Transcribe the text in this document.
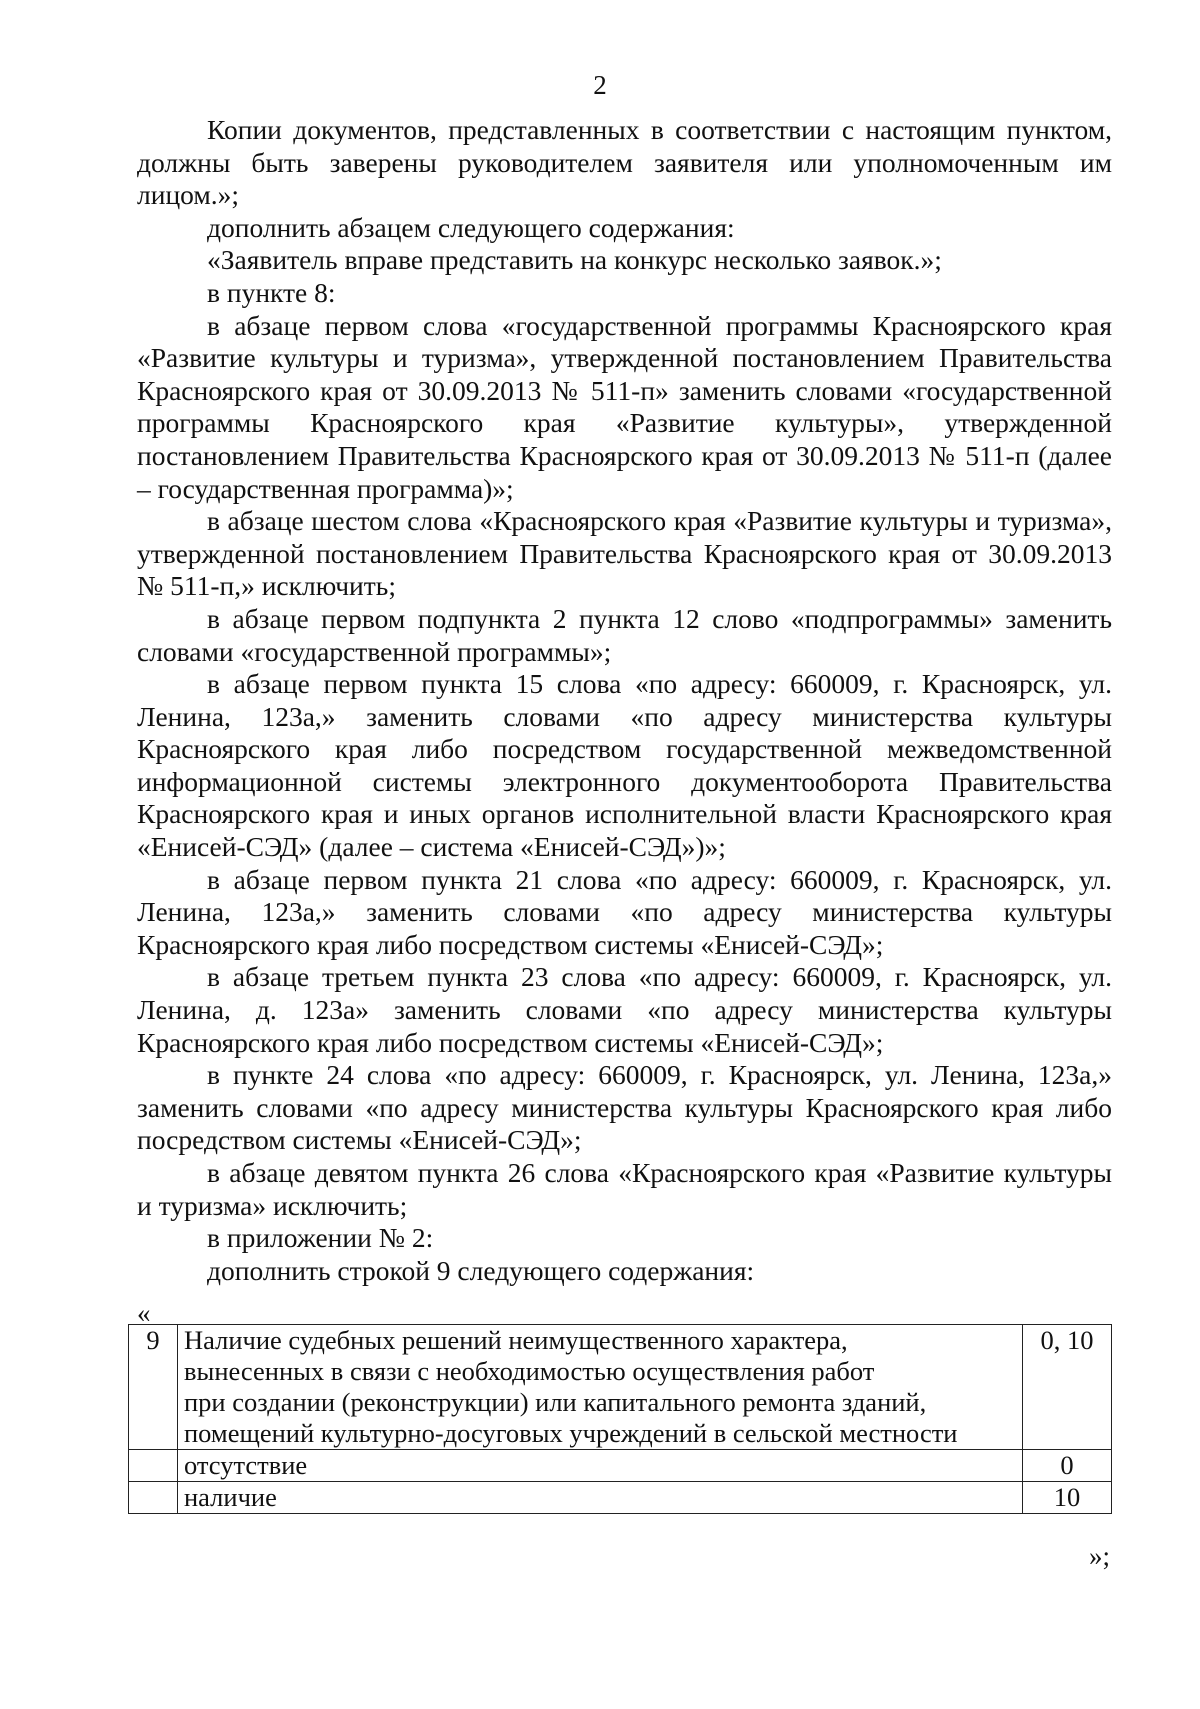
2

Копии документов, представленных в соответствии с настоящим пунктом, должны быть заверены руководителем заявителя или уполномоченным им лицом.»;

дополнить абзацем следующего содержания:

«Заявитель вправе представить на конкурс несколько заявок.»;

в пункте 8:

в абзаце первом слова «государственной программы Красноярского края «Развитие культуры и туризма», утвержденной постановлением Правительства Красноярского края от 30.09.2013 № 511-п» заменить словами «государственной программы Красноярского края «Развитие культуры», утвержденной постановлением Правительства Красноярского края от 30.09.2013 № 511-п (далее – государственная программа)»;

в абзаце шестом слова «Красноярского края «Развитие культуры и туризма», утвержденной постановлением Правительства Красноярского края от 30.09.2013 № 511-п,» исключить;

в абзаце первом подпункта 2 пункта 12 слово «подпрограммы» заменить словами «государственной программы»;

в абзаце первом пункта 15 слова «по адресу: 660009, г. Красноярск, ул. Ленина, 123а,» заменить словами «по адресу министерства культуры Красноярского края либо посредством государственной межведомственной информационной системы электронного документооборота Правительства Красноярского края и иных органов исполнительной власти Красноярского края «Енисей-СЭД» (далее – система «Енисей-СЭД»)»;

в абзаце первом пункта 21 слова «по адресу: 660009, г. Красноярск, ул. Ленина, 123а,» заменить словами «по адресу министерства культуры Красноярского края либо посредством системы «Енисей-СЭД»;

в абзаце третьем пункта 23 слова «по адресу: 660009, г. Красноярск, ул. Ленина, д. 123а» заменить словами «по адресу министерства культуры Красноярского края либо посредством системы «Енисей-СЭД»;

в пункте 24 слова «по адресу: 660009, г. Красноярск, ул. Ленина, 123а,» заменить словами «по адресу министерства культуры Красноярского края либо посредством системы «Енисей-СЭД»;

в абзаце девятом пункта 26 слова «Красноярского края «Развитие культуры и туризма» исключить;

в приложении № 2:

дополнить строкой 9 следующего содержания:

«
9	Наличие судебных решений неимущественного характера,
вынесенных в связи с необходимостью осуществления работ
при создании (реконструкции) или капитального ремонта зданий,
помещений культурно-досуговых учреждений в сельской местности	0, 10
	отсутствие	0
	наличие	10
»;
